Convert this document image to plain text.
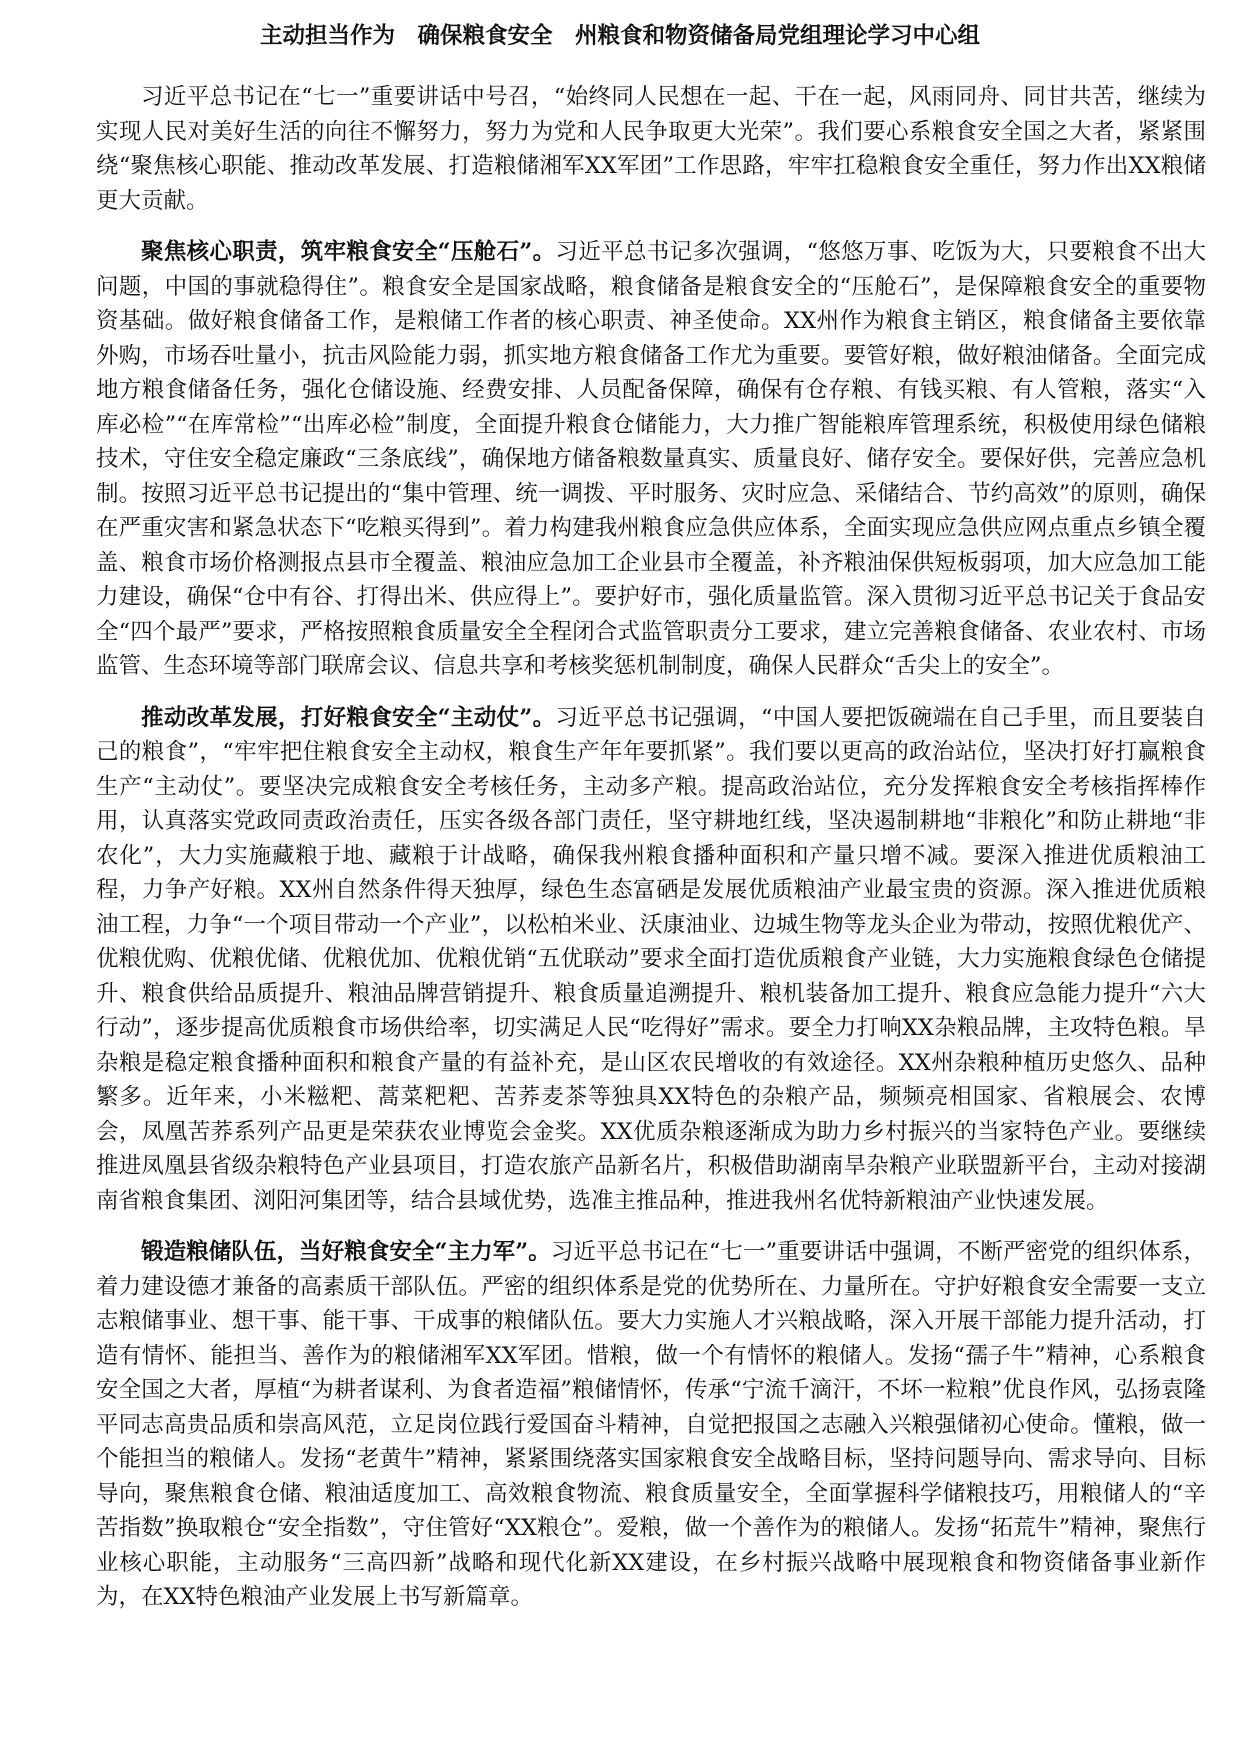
主动担当作为　确保粮食安全　州粮食和物资储备局党组理论学习中心组

习近平总书记在“七一”重要讲话中号召，“始终同人民想在一起、干在一起，风雨同舟、同甘共苦，继续为实现人民对美好生活的向往不懈努力，努力为党和人民争取更大光荣”。我们要心系粮食安全国之大者，紧紧围绕“聚焦核心职能、推动改革发展、打造粮储湘军XX军团”工作思路，牢牢扛稳粮食安全重任，努力作出XX粮储更大贡献。

聚焦核心职责，筑牢粮食安全“压舱石”。习近平总书记多次强调，“悠悠万事、吃饭为大，只要粮食不出大问题，中国的事就稳得住”。粮食安全是国家战略，粮食储备是粮食安全的“压舱石”，是保障粮食安全的重要物资基础。做好粮食储备工作，是粮储工作者的核心职责、神圣使命。XX州作为粮食主销区，粮食储备主要依靠外购，市场吞吐量小，抗击风险能力弱，抓实地方粮食储备工作尤为重要。要管好粮，做好粮油储备。全面完成地方粮食储备任务，强化仓储设施、经费安排、人员配备保障，确保有仓存粮、有钱买粮、有人管粮，落实“入库必检”“在库常检”“出库必检”制度，全面提升粮食仓储能力，大力推广智能粮库管理系统，积极使用绿色储粮技术，守住安全稳定廉政“三条底线”，确保地方储备粮数量真实、质量良好、储存安全。要保好供，完善应急机制。按照习近平总书记提出的“集中管理、统一调拨、平时服务、灾时应急、采储结合、节约高效”的原则，确保在严重灾害和紧急状态下“吃粮买得到”。着力构建我州粮食应急供应体系，全面实现应急供应网点重点乡镇全覆盖、粮食市场价格测报点县市全覆盖、粮油应急加工企业县市全覆盖，补齐粮油保供短板弱项，加大应急加工能力建设，确保“仓中有谷、打得出米、供应得上”。要护好市，强化质量监管。深入贯彻习近平总书记关于食品安全“四个最严”要求，严格按照粮食质量安全全程闭合式监管职责分工要求，建立完善粮食储备、农业农村、市场监管、生态环境等部门联席会议、信息共享和考核奖惩机制制度，确保人民群众“舌尖上的安全”。

推动改革发展，打好粮食安全“主动仗”。习近平总书记强调，“中国人要把饭碗端在自己手里，而且要装自己的粮食”，“牢牢把住粮食安全主动权，粮食生产年年要抓紧”。我们要以更高的政治站位，坚决打好打赢粮食生产“主动仗”。要坚决完成粮食安全考核任务，主动多产粮。提高政治站位，充分发挥粮食安全考核指挥棒作用，认真落实党政同责政治责任，压实各级各部门责任，坚守耕地红线，坚决遏制耕地“非粮化”和防止耕地“非农化”，大力实施藏粮于地、藏粮于计战略，确保我州粮食播种面积和产量只增不减。要深入推进优质粮油工程，力争产好粮。XX州自然条件得天独厚，绿色生态富硒是发展优质粮油产业最宝贵的资源。深入推进优质粮油工程，力争“一个项目带动一个产业”，以松柏米业、沃康油业、边城生物等龙头企业为带动，按照优粮优产、优粮优购、优粮优储、优粮优加、优粮优销“五优联动”要求全面打造优质粮食产业链，大力实施粮食绿色仓储提升、粮食供给品质提升、粮油品牌营销提升、粮食质量追溯提升、粮机装备加工提升、粮食应急能力提升“六大行动”，逐步提高优质粮食市场供给率，切实满足人民“吃得好”需求。要全力打响XX杂粮品牌，主攻特色粮。旱杂粮是稳定粮食播种面积和粮食产量的有益补充，是山区农民增收的有效途径。XX州杂粮种植历史悠久、品种繁多。近年来，小米糍粑、蒿菜粑粑、苦荞麦茶等独具XX特色的杂粮产品，频频亮相国家、省粮展会、农博会，凤凰苦荞系列产品更是荣获农业博览会金奖。XX优质杂粮逐渐成为助力乡村振兴的当家特色产业。要继续推进凤凰县省级杂粮特色产业县项目，打造农旅产品新名片，积极借助湖南旱杂粮产业联盟新平台，主动对接湖南省粮食集团、浏阳河集团等，结合县域优势，选准主推品种，推进我州名优特新粮油产业快速发展。

锻造粮储队伍，当好粮食安全“主力军”。习近平总书记在“七一”重要讲话中强调，不断严密党的组织体系，着力建设德才兼备的高素质干部队伍。严密的组织体系是党的优势所在、力量所在。守护好粮食安全需要一支立志粮储事业、想干事、能干事、干成事的粮储队伍。要大力实施人才兴粮战略，深入开展干部能力提升活动，打造有情怀、能担当、善作为的粮储湘军XX军团。惜粮，做一个有情怀的粮储人。发扬“孺子牛”精神，心系粮食安全国之大者，厚植“为耕者谋利、为食者造福”粮储情怀，传承“宁流千滴汗，不坏一粒粮”优良作风，弘扬袁隆平同志高贵品质和崇高风范，立足岗位践行爱国奋斗精神，自觉把报国之志融入兴粮强储初心使命。懂粮，做一个能担当的粮储人。发扬“老黄牛”精神，紧紧围绕落实国家粮食安全战略目标，坚持问题导向、需求导向、目标导向，聚焦粮食仓储、粮油适度加工、高效粮食物流、粮食质量安全，全面掌握科学储粮技巧，用粮储人的“辛苦指数”换取粮仓“安全指数”，守住管好“XX粮仓”。爱粮，做一个善作为的粮储人。发扬“拓荒牛”精神，聚焦行业核心职能，主动服务“三高四新”战略和现代化新XX建设，在乡村振兴战略中展现粮食和物资储备事业新作为，在XX特色粮油产业发展上书写新篇章。
